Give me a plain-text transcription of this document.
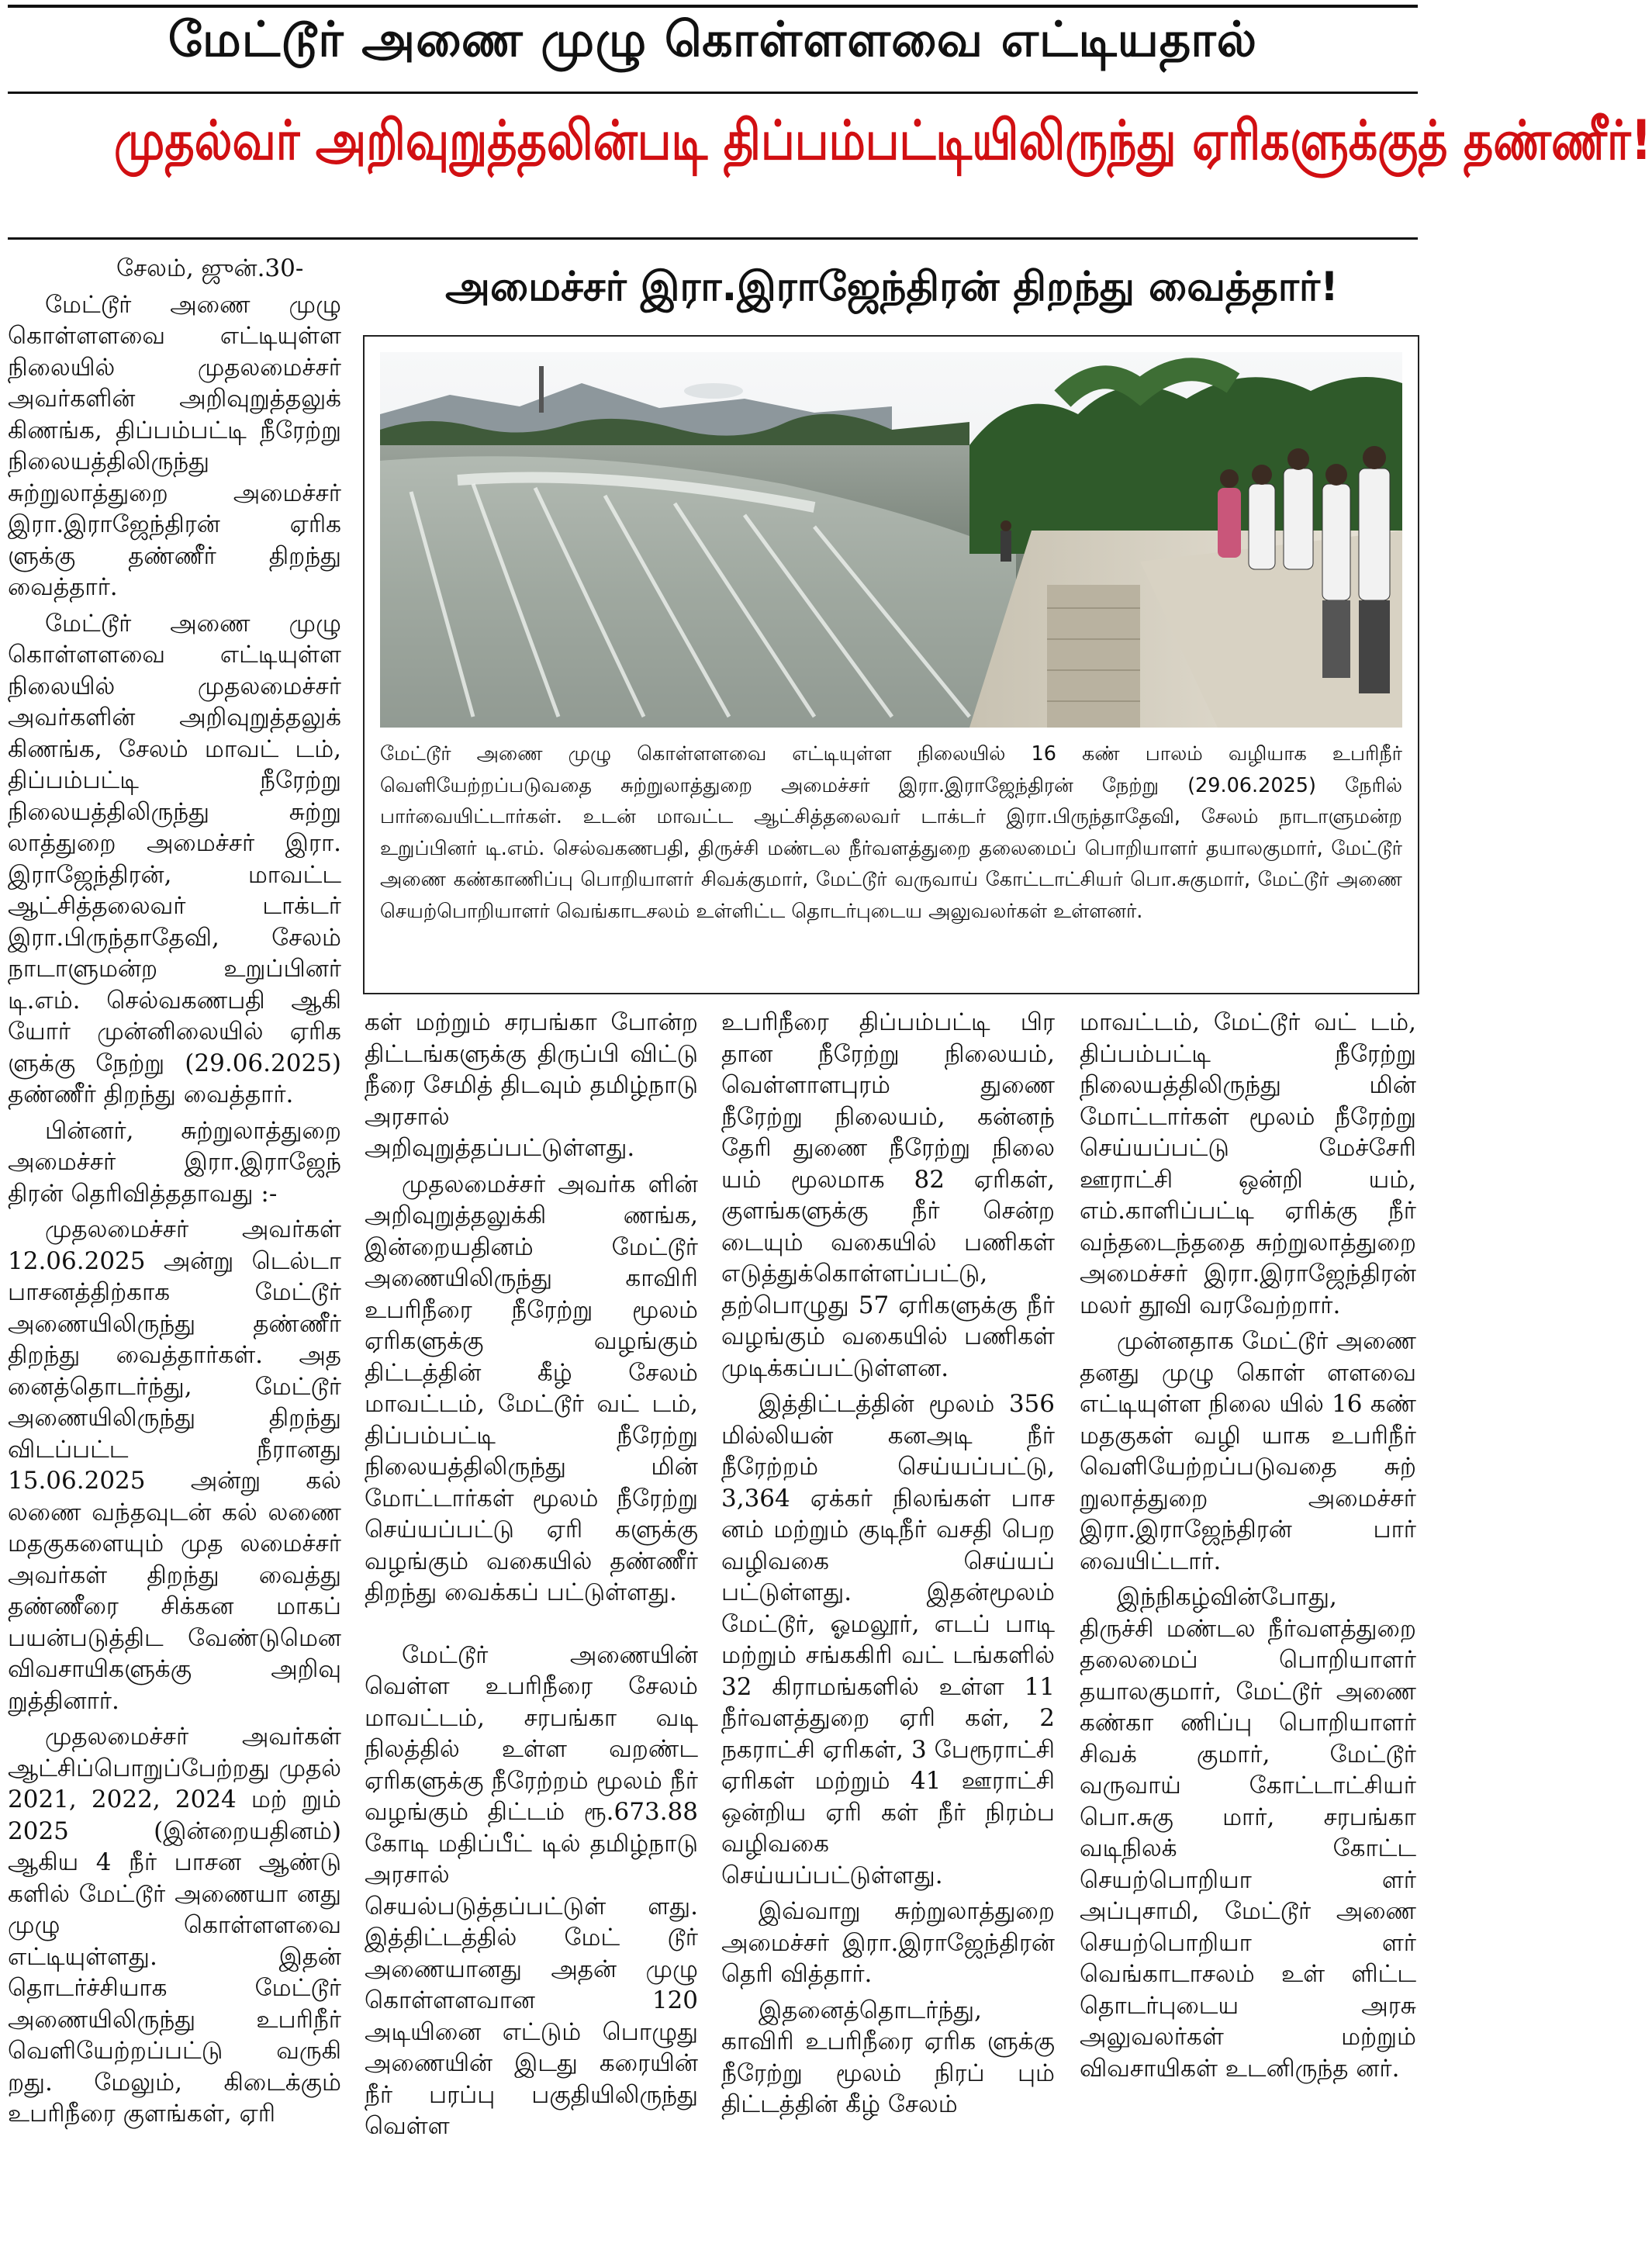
மேட்டூர் அணை முழு கொள்ளளவை எட்டியதால்
முதல்வர் அறிவுறுத்தலின்படி திப்பம்பட்டியிலிருந்து ஏரிகளுக்குத் தண்ணீர்!
அமைச்சர் இரா.இராஜேந்திரன் திறந்து வைத்தார்!

சேலம், ஜுன்.30-

மேட்டூர் அணை முழு கொள்ளளவை எட்டியுள்ள நிலையில் முதலமைச்சர் அவர்களின் அறிவுறுத்தலுக் கிணங்க, திப்பம்பட்டி நீரேற்று நிலையத்திலிருந்து சுற்றுலாத்துறை அமைச்சர் இரா.இராஜேந்திரன் ஏரிக ளுக்கு தண்ணீர் திறந்து வைத்தார்.

மேட்டூர் அணை முழு கொள்ளளவை எட்டியுள்ள நிலையில் முதலமைச்சர் அவர்களின் அறிவுறுத்தலுக் கிணங்க, சேலம் மாவட் டம், திப்பம்பட்டி நீரேற்று நிலையத்திலிருந்து சுற்று லாத்துறை அமைச்சர் இரா. இராஜேந்திரன், மாவட்ட ஆட்சித்தலைவர் டாக்டர் இரா.பிருந்தாதேவி, சேலம் நாடாளுமன்ற உறுப்பினர் டி.எம். செல்வகணபதி ஆகி யோர் முன்னிலையில் ஏரிக ளுக்கு நேற்று (29.06.2025) தண்ணீர் திறந்து வைத்தார்.

பின்னர், சுற்றுலாத்துறை அமைச்சர் இரா.இராஜேந் திரன் தெரிவித்ததாவது :-

முதலமைச்சர் அவர்கள் 12.06.2025 அன்று டெல்டா பாசனத்திற்காக மேட்டூர் அணையிலிருந்து தண்ணீர் திறந்து வைத்தார்கள். அத னைத்தொடர்ந்து, மேட்டூர் அணையிலிருந்து திறந்து விடப்பட்ட நீரானது 15.06.2025 அன்று கல் லணை வந்தவுடன் கல் லணை மதகுகளையும் முத லமைச்சர் அவர்கள் திறந்து வைத்து தண்ணீரை சிக்கன மாகப் பயன்படுத்திட வேண்டுமென விவசாயிகளுக்கு அறிவு றுத்தினார்.

முதலமைச்சர் அவர்கள் ஆட்சிப்பொறுப்பேற்றது முதல் 2021, 2022, 2024 மற் றும் 2025 (இன்றையதினம்) ஆகிய 4 நீர் பாசன ஆண்டு களில் மேட்டூர் அணையா னது முழு கொள்ளளவை எட்டியுள்ளது. இதன் தொடர்ச்சியாக மேட்டூர் அணையிலிருந்து உபரிநீர் வெளியேற்றப்பட்டு வருகி றது. மேலும், கிடைக்கும் உபரிநீரை குளங்கள், ஏரி

மேட்டூர் அணை முழு கொள்ளளவை எட்டியுள்ள நிலையில் 16 கண் பாலம் வழியாக உபரிநீர் வெளியேற்றப்படுவதை சுற்றுலாத்துறை அமைச்சர் இரா.இராஜேந்திரன் நேற்று (29.06.2025) நேரில் பார்வையிட்டார்கள். உடன் மாவட்ட ஆட்சித்தலைவர் டாக்டர் இரா.பிருந்தாதேவி, சேலம் நாடாளுமன்ற உறுப்பினர் டி.எம். செல்வகணபதி, திருச்சி மண்டல நீர்வளத்துறை தலைமைப் பொறியாளர் தயாலகுமார், மேட்டூர் அணை கண்காணிப்பு பொறியாளர் சிவக்குமார், மேட்டூர் வருவாய் கோட்டாட்சியர் பொ.சுகுமார், மேட்டூர் அணை செயற்பொறியாளர் வெங்காடசலம் உள்ளிட்ட தொடர்புடைய அலுவலர்கள் உள்ளனர்.

கள் மற்றும் சரபங்கா போன்ற திட்டங்களுக்கு திருப்பி விட்டு நீரை சேமித் திடவும் தமிழ்நாடு அரசால் அறிவுறுத்தப்பட்டுள்ளது.

முதலமைச்சர் அவர்க ளின் அறிவுறுத்தலுக்கி ணங்க, இன்றையதினம் மேட்டூர் அணையிலிருந்து காவிரி உபரிநீரை நீரேற்று மூலம் ஏரிகளுக்கு வழங்கும் திட்டத்தின் கீழ் சேலம் மாவட்டம், மேட்டூர் வட் டம், திப்பம்பட்டி நீரேற்று நிலையத்திலிருந்து மின் மோட்டார்கள் மூலம் நீரேற்று செய்யப்பட்டு ஏரி களுக்கு வழங்கும் வகையில் தண்ணீர் திறந்து வைக்கப் பட்டுள்ளது.

மேட்டூர் அணையின் வெள்ள உபரிநீரை சேலம் மாவட்டம், சரபங்கா வடி நிலத்தில் உள்ள வறண்ட ஏரிகளுக்கு நீரேற்றம் மூலம் நீர் வழங்கும் திட்டம் ரூ.673.88 கோடி மதிப்பீட் டில் தமிழ்நாடு அரசால் செயல்படுத்தப்பட்டுள் ளது. இத்திட்டத்தில் மேட் டூர் அணையானது அதன் முழு கொள்ளளவான 120 அடியினை எட்டும் பொழுது அணையின் இடது கரையின் நீர் பரப்பு பகுதியிலிருந்து வெள்ள

உபரிநீரை திப்பம்பட்டி பிர தான நீரேற்று நிலையம், வெள்ளாளபுரம் துணை நீரேற்று நிலையம், கன்னந் தேரி துணை நீரேற்று நிலை யம் மூலமாக 82 ஏரிகள், குளங்களுக்கு நீர் சென்ற டையும் வகையில் பணிகள் எடுத்துக்கொள்ளப்பட்டு, தற்பொழுது 57 ஏரிகளுக்கு நீர் வழங்கும் வகையில் பணிகள் முடிக்கப்பட்டுள்ளன.

இத்திட்டத்தின் மூலம் 356 மில்லியன் கனஅடி நீர் நீரேற்றம் செய்யப்பட்டு, 3,364 ஏக்கர் நிலங்கள் பாச னம் மற்றும் குடிநீர் வசதி பெற வழிவகை செய்யப் பட்டுள்ளது. இதன்மூலம் மேட்டூர், ஓமலூர், எடப் பாடி மற்றும் சங்ககிரி வட் டங்களில் 32 கிராமங்களில் உள்ள 11 நீர்வளத்துறை ஏரி கள், 2 நகராட்சி ஏரிகள், 3 பேரூராட்சி ஏரிகள் மற்றும் 41 ஊராட்சி ஒன்றிய ஏரி கள் நீர் நிரம்ப வழிவகை செய்யப்பட்டுள்ளது.

இவ்வாறு சுற்றுலாத்துறை அமைச்சர் இரா.இராஜேந்திரன் தெரி வித்தார்.

இதனைத்தொடர்ந்து, காவிரி உபரிநீரை ஏரிக ளுக்கு நீரேற்று மூலம் நிரப் பும் திட்டத்தின் கீழ் சேலம்

மாவட்டம், மேட்டூர் வட் டம், திப்பம்பட்டி நீரேற்று நிலையத்திலிருந்து மின் மோட்டார்கள் மூலம் நீரேற்று செய்யப்பட்டு மேச்சேரி ஊராட்சி ஒன்றி யம், எம்.காளிப்பட்டி ஏரிக்கு நீர் வந்தடைந்ததை சுற்றுலாத்துறை அமைச்சர் இரா.இராஜேந்திரன் மலர் தூவி வரவேற்றார்.

முன்னதாக மேட்டூர் அணை தனது முழு கொள் ளளவை எட்டியுள்ள நிலை யில் 16 கண் மதகுகள் வழி யாக உபரிநீர் வெளியேற்றப்படுவதை சுற் றுலாத்துறை அமைச்சர் இரா.இராஜேந்திரன் பார் வையிட்டார்.

இந்நிகழ்வின்போது, திருச்சி மண்டல நீர்வளத்துறை தலைமைப் பொறியாளர் தயாலகுமார், மேட்டூர் அணை கண்கா ணிப்பு பொறியாளர் சிவக் குமார், மேட்டூர் வருவாய் கோட்டாட்சியர் பொ.சுகு மார், சரபங்கா வடிநிலக் கோட்ட செயற்பொறியா ளர் அப்புசாமி, மேட்டூர் அணை செயற்பொறியா ளர் வெங்காடாசலம் உள் ளிட்ட தொடர்புடைய அரசு அலுவலர்கள் மற்றும் விவசாயிகள் உடனிருந்த னர்.
